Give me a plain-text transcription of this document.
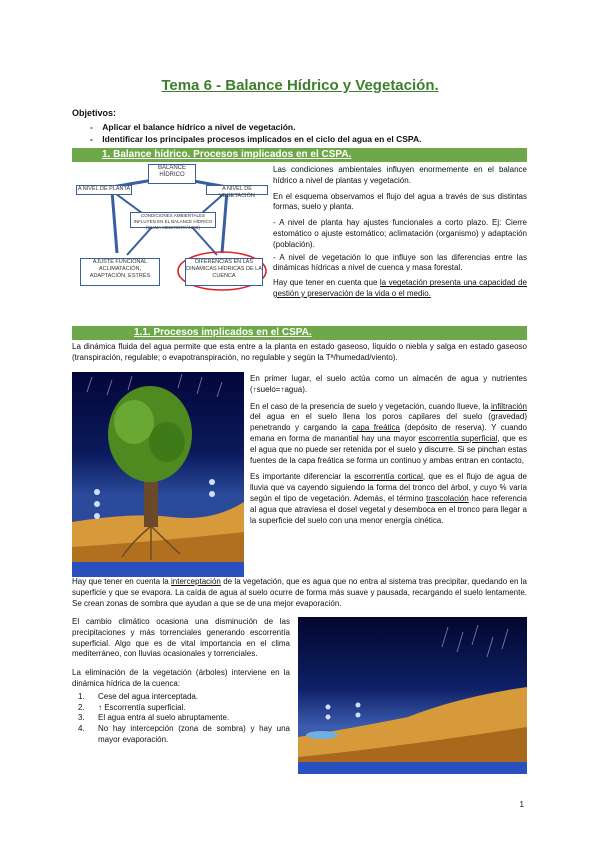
Tema 6 - Balance Hídrico y Vegetación.
Objetivos:
-    Aplicar el balance hídrico a nivel de vegetación.
-    Identificar los principales procesos implicados en el ciclo del agua en el CSPA.
1. Balance hídrico. Procesos implicados en el CSPA.
BALANCE HÍDRICO
A NIVEL DE PLANTA	A NIVEL DE VEGETACIÓN
CONDICIONES AMBIENTALES INFLUYEN EN EL BALANCE HÍDRICO (CLIMA MEDITERRÁNEO)
AJUSTE FUNCIONAL ACLIMATACIÓN, ADAPTACIÓN, ESTRÉS
DIFERENCIAS EN LAS DINÁMICAS HÍDRICAS DE LA CUENCA
Las condiciones ambientales influyen enormemente en el balance hídrico a nivel de plantas y vegetación.
En el esquema observamos el flujo del agua a través de sus distintas formas, suelo y planta.
- A nivel de planta hay ajustes funcionales a corto plazo. Ej: Cierre estomático o ajuste estomático; aclimatación (organismo) y adaptación (población).
- A nivel de vegetación lo que influye son las diferencias entre las dinámicas hídricas a nivel de cuenca y masa forestal.
Hay que tener en cuenta que la vegetación presenta una capacidad de gestión y preservación de la vida o el medio.
1.1. Procesos implicados en el CSPA.
La dinámica fluida del agua permite que esta entre a la planta en estado gaseoso, líquido o niebla y salga en estado gaseoso (transpiración, regulable; o evapotranspiración, no regulable y según la Tª/humedad/viento).
En primer lugar, el suelo actúa como un almacén de agua y nutrientes (↑suelo=↑agua).
En el caso de la presencia de suelo y vegetación, cuando llueve, la infiltración del agua en el suelo llena los poros capilares del suelo (gravedad) penetrando y cargando la capa freática (depósito de reserva). Y cuando emana en forma de manantial hay una mayor escorrentía superficial, que es el agua que no puede ser retenida por el suelo y discurre. Si se pinchan estas fuentes de la capa freática se forma un continuo y ambas entran en contacto,
Es importante diferenciar la escorrentía cortical, que es el flujo de agua de lluvia que va cayendo siguiendo la forma del tronco del árbol, y cuyo % varía según el tipo de vegetación. Además, el término trascolación hace referencia al agua que atraviesa el dosel vegetal y desemboca en el tronco para llegar a la superficie del suelo con una menor energía cinética.
Hay que tener en cuenta la interceptación de la vegetación, que es agua que no entra al sistema tras precipitar, quedando en la superficie y que se evapora. La caída de agua al suelo ocurre de forma más suave y pausada, recargando el suelo lentamente. Se crean zonas de sombra que ayudan a que se de una mejor evaporación.
El cambio climático ocasiona una disminución de las precipitaciones y más torrenciales generando escorrentía superficial. Algo que es de vital importancia en el clima mediterráneo, con lluvias ocasionales y torrenciales.
La eliminación de la vegetación (árboles) interviene en la dinámica hídrica de la cuenca:
1.	Cese del agua interceptada.
2.	↑ Escorrentía superficial.
3.	El agua entra al suelo abruptamente.
4.	No hay intercepción (zona de sombra) y hay una mayor evaporación.
1
